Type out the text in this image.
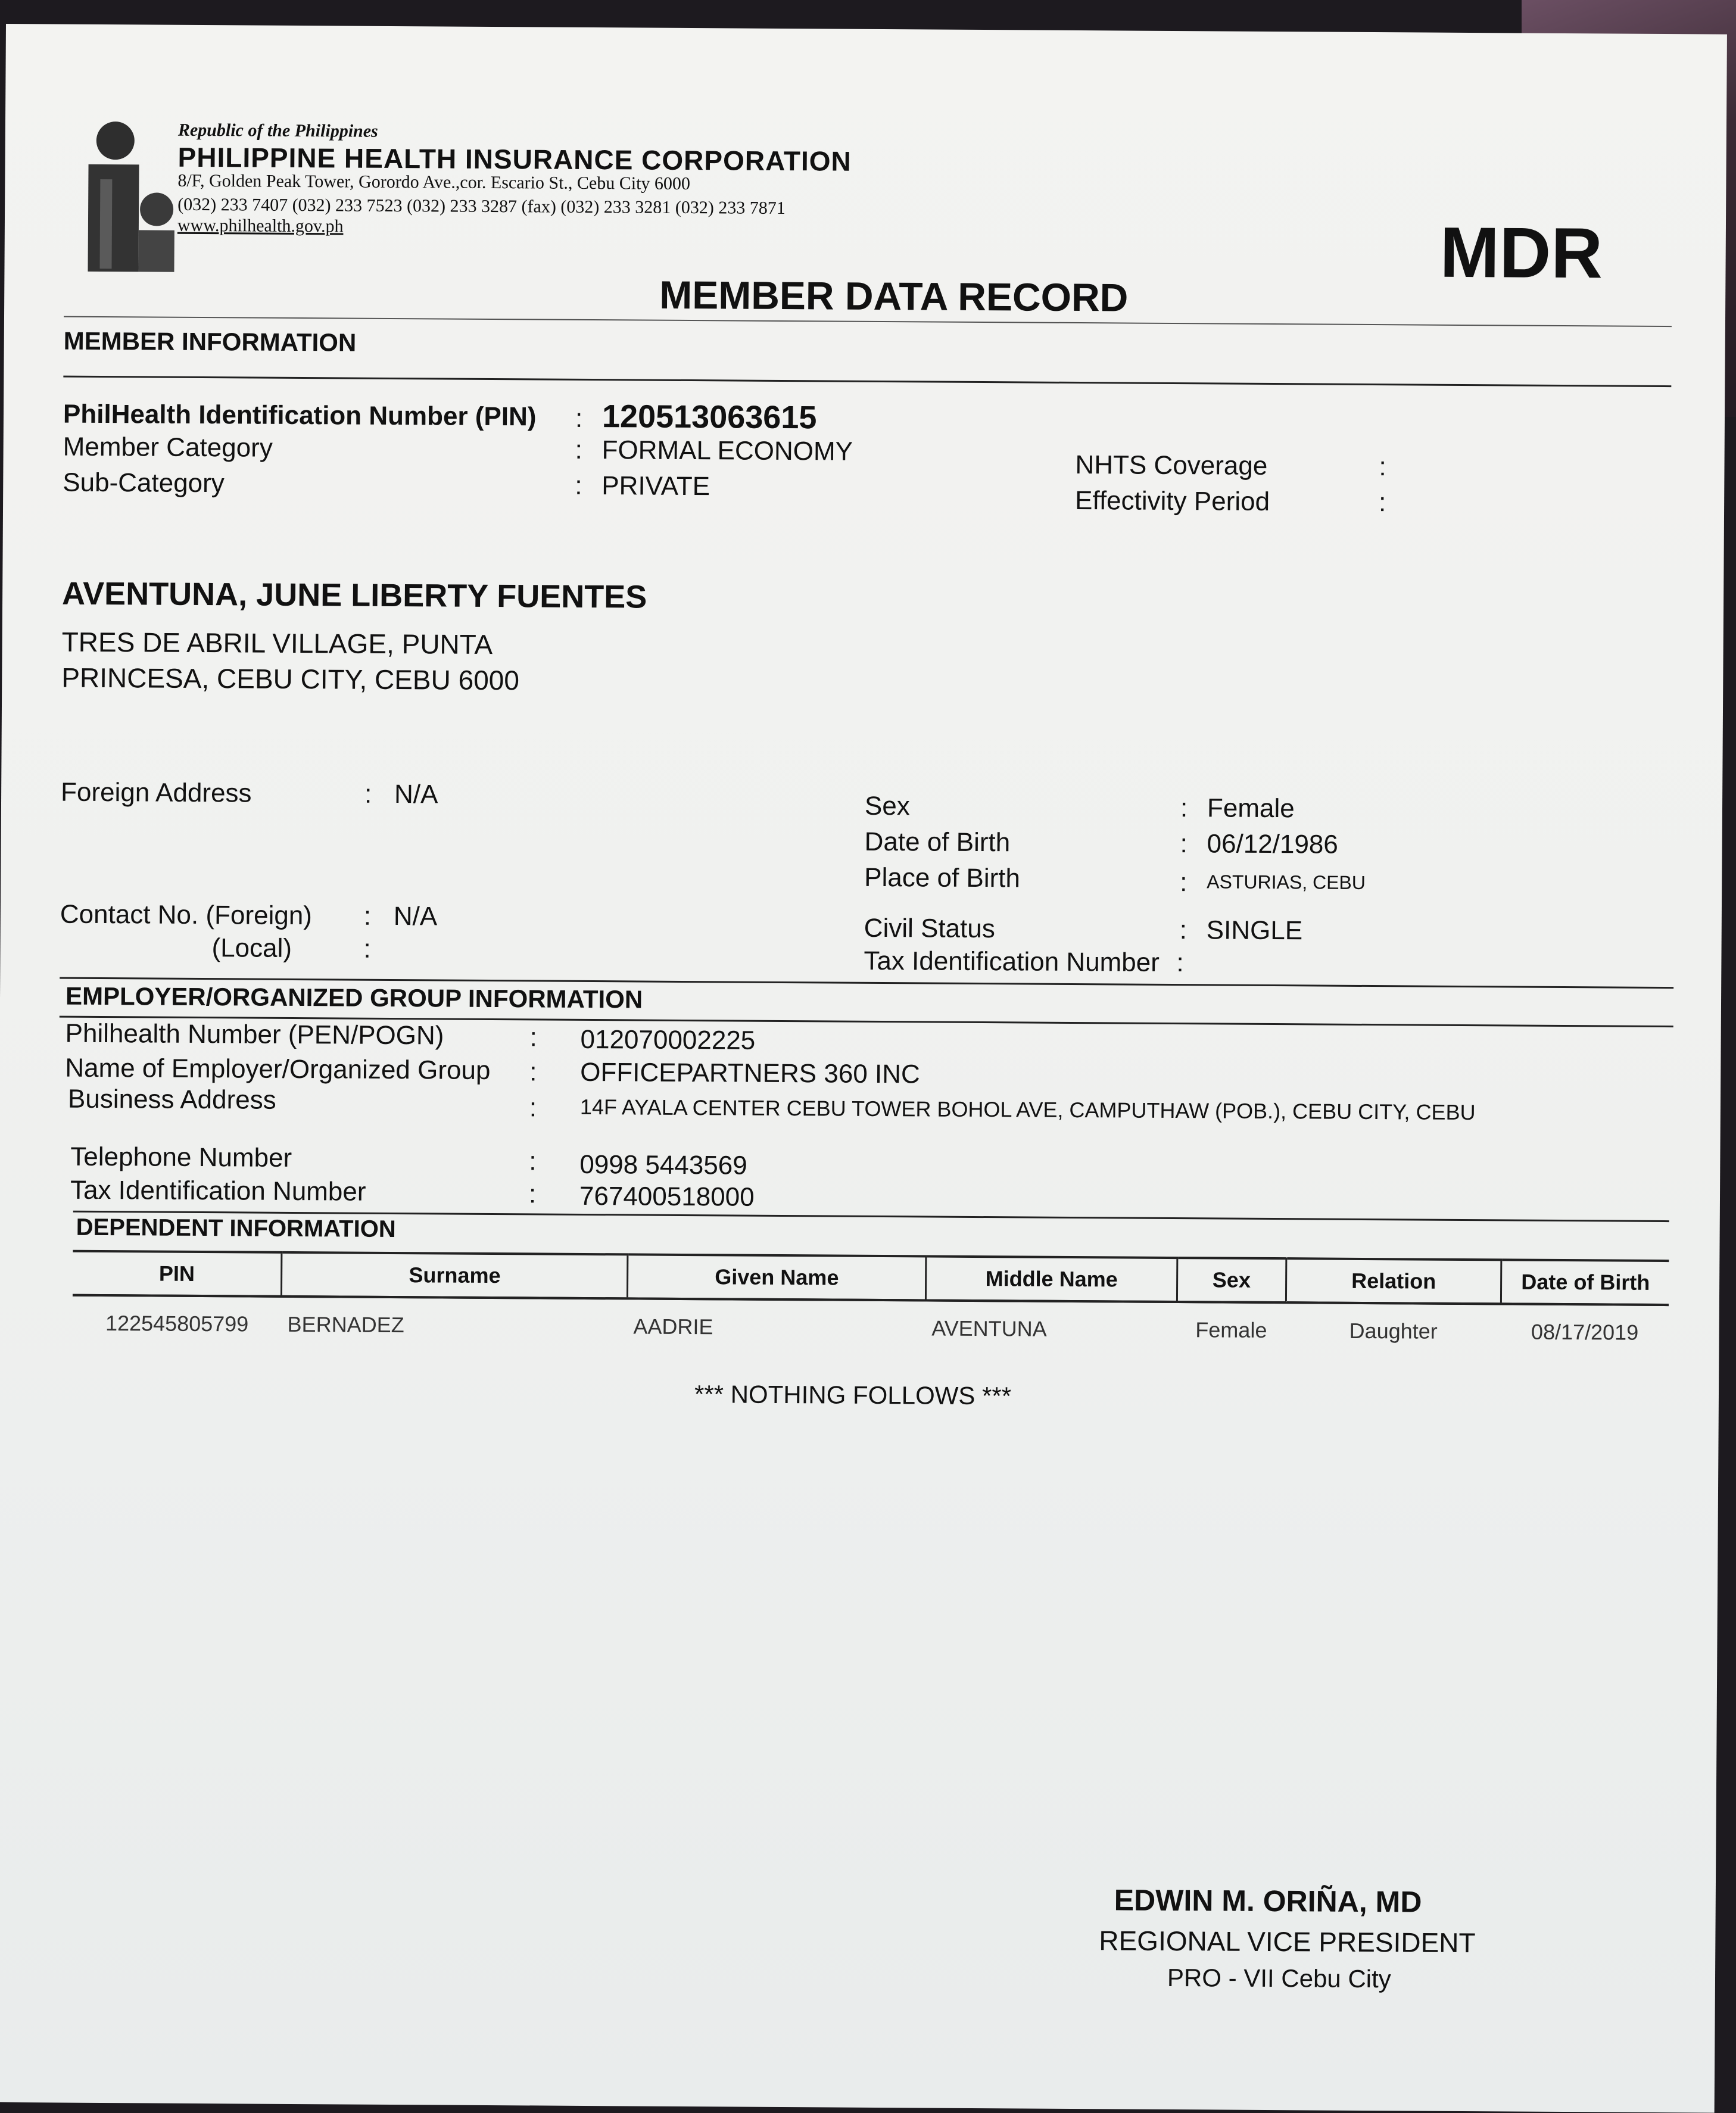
Republic of the Philippines
PHILIPPINE HEALTH INSURANCE CORPORATION
8/F, Golden Peak Tower, Gorordo Ave.,cor. Escario St., Cebu City 6000
(032) 233 7407 (032) 233 7523 (032) 233 3287 (fax) (032) 233 3281 (032) 233 7871
www.philhealth.gov.ph	MDR
MEMBER DATA RECORD
MEMBER INFORMATION
PhilHealth Identification Number (PIN) : 120513063615
Member Category	: FORMAL ECONOMY
Sub-Category	: PRIVATE
NHTS Coverage	:
Effectivity Period	:
AVENTUNA, JUNE LIBERTY FUENTES
TRES DE ABRIL VILLAGE, PUNTA
PRINCESA, CEBU CITY, CEBU 6000
Foreign Address	: N/A
Contact No. (Foreign) : N/A
(Local)	:
Sex	: Female
Date of Birth	: 06/12/1986
Place of Birth	: ASTURIAS, CEBU
Civil Status	: SINGLE
Tax Identification Number :
EMPLOYER/ORGANIZED GROUP INFORMATION
Philhealth Number (PEN/POGN)	: 012070002225
Name of Employer/Organized Group : OFFICEPARTNERS 360 INC
Business Address	: 14F AYALA CENTER CEBU TOWER BOHOL AVE, CAMPUTHAW (POB.), CEBU CITY, CEBU
Telephone Number	: 0998 5443569
Tax Identification Number	: 767400518000
DEPENDENT INFORMATION
PIN	Surname	Given Name	Middle Name	Sex	Relation	Date of Birth
122545805799	BERNADEZ	AADRIE	AVENTUNA	Female	Daughter	08/17/2019
*** NOTHING FOLLOWS ***
EDWIN M. ORIÑA, MD
REGIONAL VICE PRESIDENT
PRO - VII Cebu City
